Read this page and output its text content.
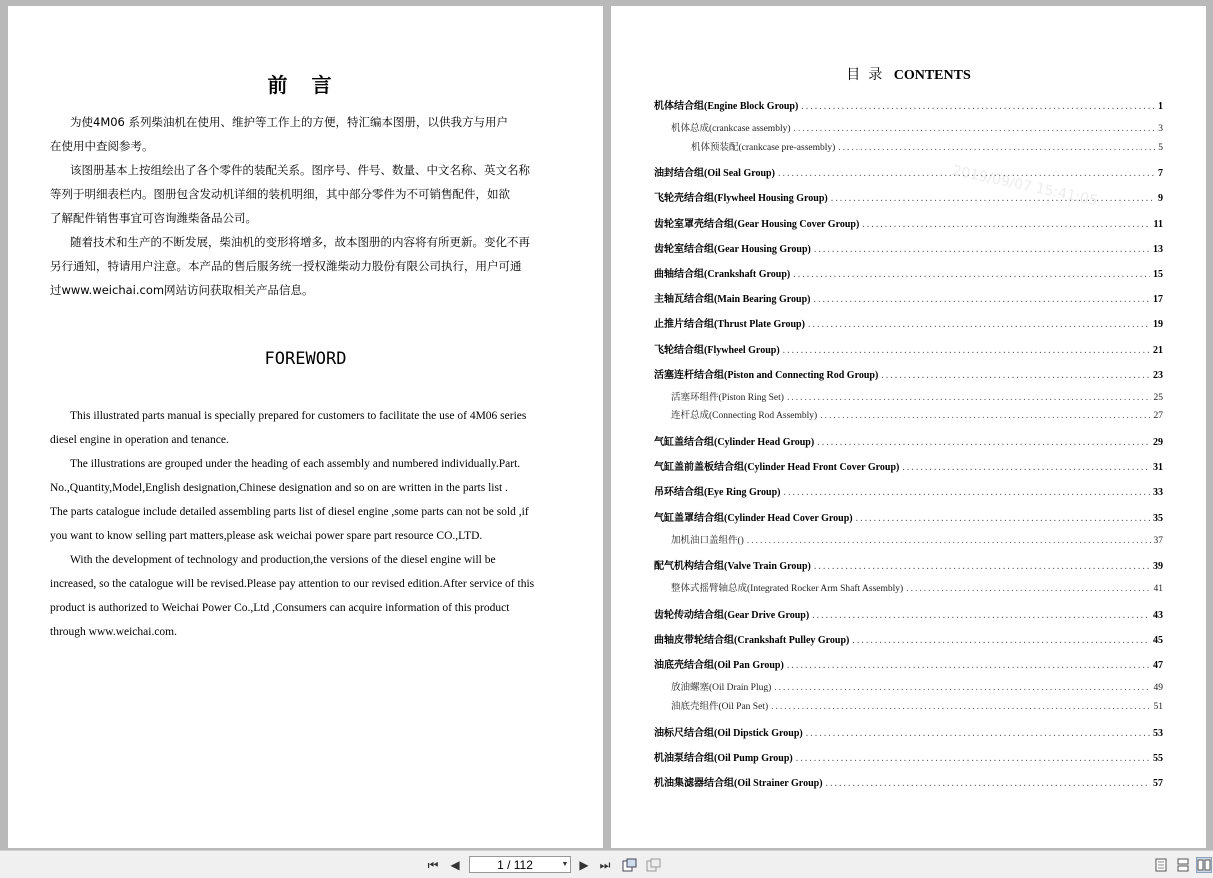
前言
为使4M06 系列柴油机在使用、维护等工作上的方便，特汇编本图册，以供我方与用户
在使用中查阅参考。
该图册基本上按组绘出了各个零件的装配关系。图序号、件号、数量、中文名称、英文名称
等列于明细表栏内。图册包含发动机详细的装机明细，其中部分零件为不可销售配件，如欲
了解配件销售事宜可咨询潍柴备品公司。
随着技术和生产的不断发展，柴油机的变形将增多，故本图册的内容将有所更新。变化不再
另行通知，特请用户注意。本产品的售后服务统一授权潍柴动力股份有限公司执行，用户可通
过www.weichai.com网站访问获取相关产品信息。
FOREWORD
This illustrated parts manual is specially prepared for customers to facilitate the use of 4M06 series
diesel engine in operation and tenance.
The illustrations are grouped under the heading of each assembly and numbered individually.Part.
No.,Quantity,Model,English designation,Chinese designation and so on are written in the parts list .
The parts catalogue include detailed assembling parts list of diesel engine ,some parts can not be sold ,if
you want to know selling part matters,please ask weichai power spare part resource CO.,LTD.
With the development of technology and production,the versions of the diesel engine will be
increased, so the catalogue will be revised.Please pay attention to our revised edition.After service of this
product is authorized to Weichai Power Co.,Ltd ,Consumers can acquire information of this product
through www.weichai.com.
目录 CONTENTS
2019/09/07 15:41:05
机体结合组(Engine Block Group) .....	1
机体总成(crankcase assembly) .....	3
机体预装配(crankcase pre-assembly) .....	5
油封结合组(Oil Seal Group) .....	7
飞轮壳结合组(Flywheel Housing Group) .....	9
齿轮室罩壳结合组(Gear Housing Cover Group) .....	11
齿轮室结合组(Gear Housing Group) .....	13
曲轴结合组(Crankshaft Group) .....	15
主轴瓦结合组(Main Bearing Group) .....	17
止推片结合组(Thrust Plate Group) .....	19
飞轮结合组(Flywheel Group) .....	21
活塞连杆结合组(Piston and Connecting Rod Group) .....	23
活塞环组件(Piston Ring Set) .....	25
连杆总成(Connecting Rod Assembly) .....	27
气缸盖结合组(Cylinder Head Group) .....	29
气缸盖前盖板结合组(Cylinder Head Front Cover Group) .....	31
吊环结合组(Eye Ring Group) .....	33
气缸盖罩结合组(Cylinder Head Cover Group) .....	35
加机油口盖组件() .....	37
配气机构结合组(Valve Train Group) .....	39
整体式摇臂轴总成(Integrated Rocker Arm Shaft Assembly) .....	41
齿轮传动结合组(Gear Drive Group) .....	43
曲轴皮带轮结合组(Crankshaft Pulley Group) .....	45
油底壳结合组(Oil Pan Group) .....	47
放油螺塞(Oil Drain Plug) .....	49
油底壳组件(Oil Pan Set) .....	51
油标尺结合组(Oil Dipstick Group) .....	53
机油泵结合组(Oil Pump Group) .....	55
机油集滤器结合组(Oil Strainer Group) .....	57
⏮ ◀	1 / 112	▼ ▶ ⏭
